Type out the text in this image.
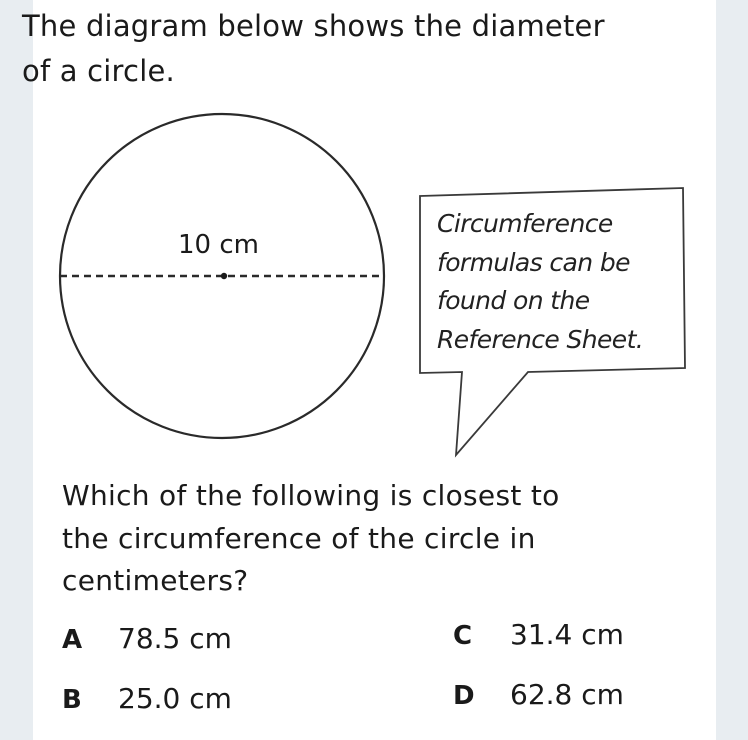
The diagram below shows the diameter
of a circle.
10 cm
Circumference
formulas can be
found on the
Reference Sheet.
Which of the following is closest to
the circumference of the circle in
centimeters?
A	78.5 cm
B	25.0 cm
C	31.4 cm
D	62.8 cm
